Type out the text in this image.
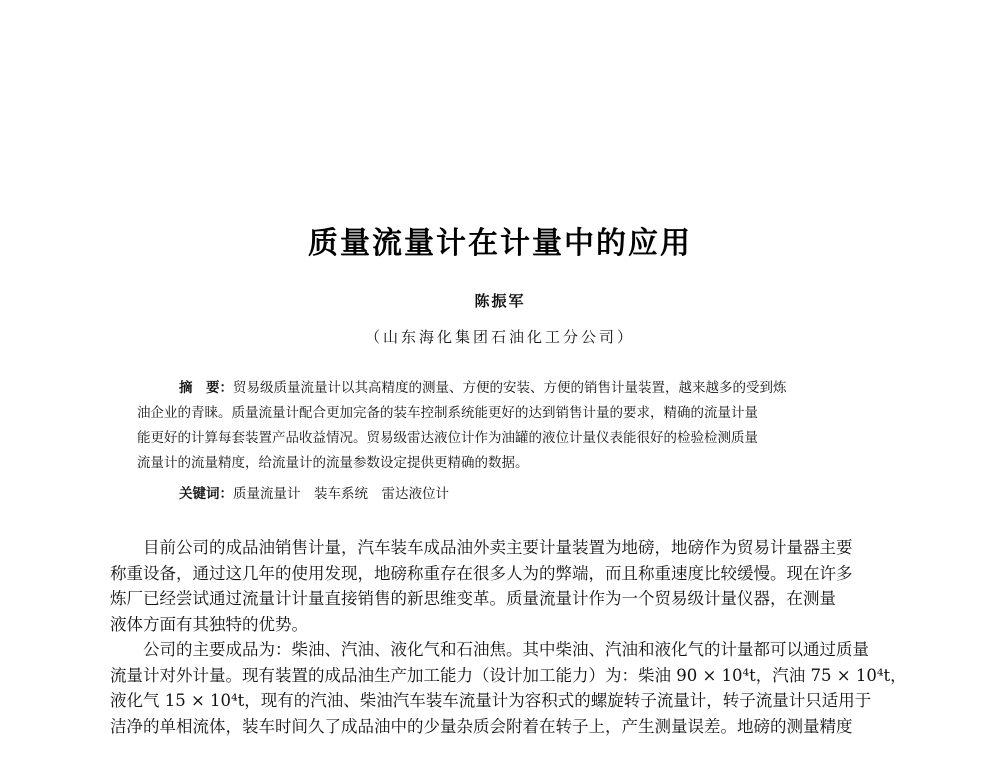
质量流量计在计量中的应用
陈振军
（山东海化集团石油化工分公司）
摘　要：贸易级质量流量计以其高精度的测量、方便的安装、方便的销售计量装置，越来越多的受到炼
油企业的青睐。质量流量计配合更加完备的装车控制系统能更好的达到销售计量的要求，精确的流量计量
能更好的计算每套装置产品收益情况。贸易级雷达液位计作为油罐的液位计量仪表能很好的检验检测质量
流量计的流量精度，给流量计的流量参数设定提供更精确的数据。
关键词：质量流量计　装车系统　雷达液位计
目前公司的成品油销售计量，汽车装车成品油外卖主要计量装置为地磅，地磅作为贸易计量器主要
称重设备，通过这几年的使用发现，地磅称重存在很多人为的弊端，而且称重速度比较缓慢。现在许多
炼厂已经尝试通过流量计计量直接销售的新思维变革。质量流量计作为一个贸易级计量仪器，在测量
液体方面有其独特的优势。
公司的主要成品为：柴油、汽油、液化气和石油焦。其中柴油、汽油和液化气的计量都可以通过质量
流量计对外计量。现有装置的成品油生产加工能力（设计加工能力）为：柴油 90 × 10⁴t，汽油 75 × 10⁴t，
液化气 15 × 10⁴t，现有的汽油、柴油汽车装车流量计为容积式的螺旋转子流量计，转子流量计只适用于
洁净的单相流体，装车时间久了成品油中的少量杂质会附着在转子上，产生测量误差。地磅的测量精度
